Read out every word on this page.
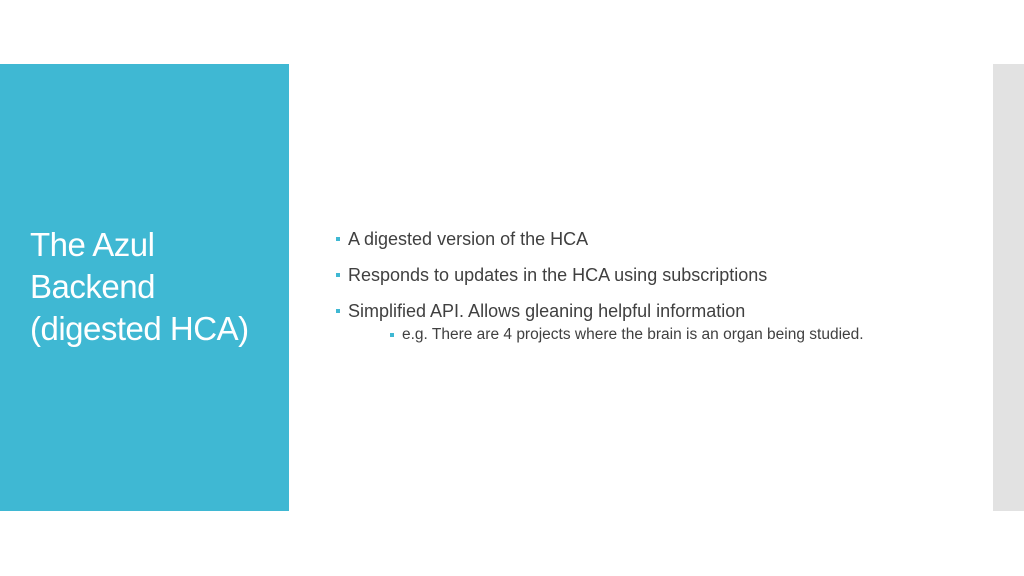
The Azul
Backend
(digested HCA)
A digested version of the HCA
Responds to updates in the HCA using subscriptions
Simplified API. Allows gleaning helpful information
e.g. There are 4 projects where the brain is an organ being studied.
